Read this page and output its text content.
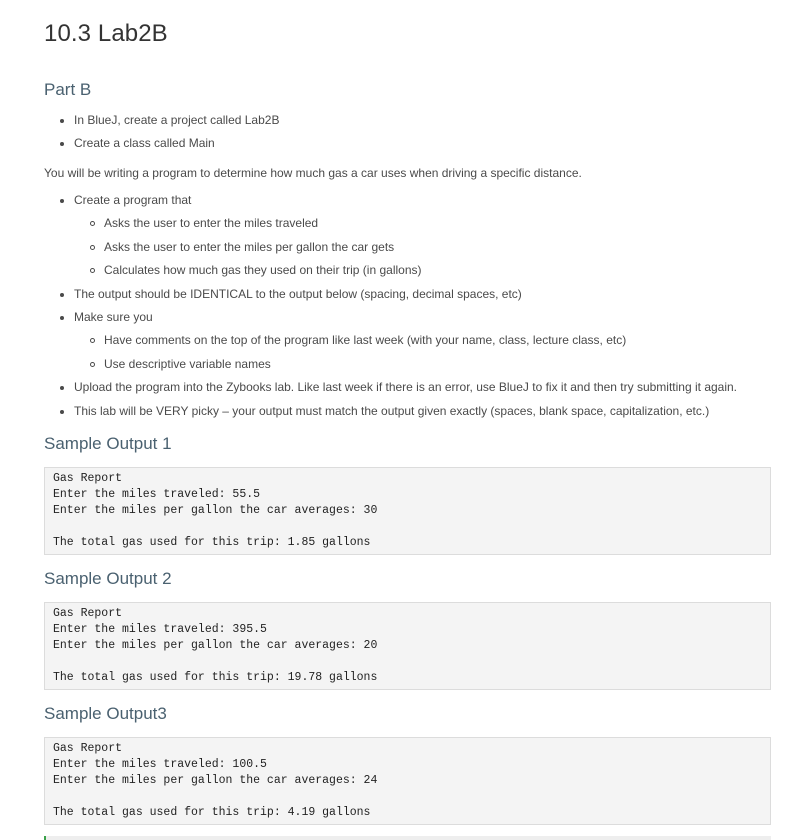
10.3 Lab2B
Part B
In BlueJ, create a project called Lab2B
Create a class called Main

You will be writing a program to determine how much gas a car uses when driving a specific distance.

Create a program that
Asks the user to enter the miles traveled
Asks the user to enter the miles per gallon the car gets
Calculates how much gas they used on their trip (in gallons)
The output should be IDENTICAL to the output below (spacing, decimal spaces, etc)
Make sure you
Have comments on the top of the program like last week (with your name, class, lecture class, etc)
Use descriptive variable names
Upload the program into the Zybooks lab. Like last week if there is an error, use BlueJ to fix it and then try submitting it again.
This lab will be VERY picky – your output must match the output given exactly (spaces, blank space, capitalization, etc.)
Sample Output 1
Gas Report
Enter the miles traveled: 55.5
Enter the miles per gallon the car averages: 30
The total gas used for this trip: 1.85 gallons
Sample Output 2
Gas Report
Enter the miles traveled: 395.5
Enter the miles per gallon the car averages: 20
The total gas used for this trip: 19.78 gallons
Sample Output3
Gas Report
Enter the miles traveled: 100.5
Enter the miles per gallon the car averages: 24
The total gas used for this trip: 4.19 gallons
